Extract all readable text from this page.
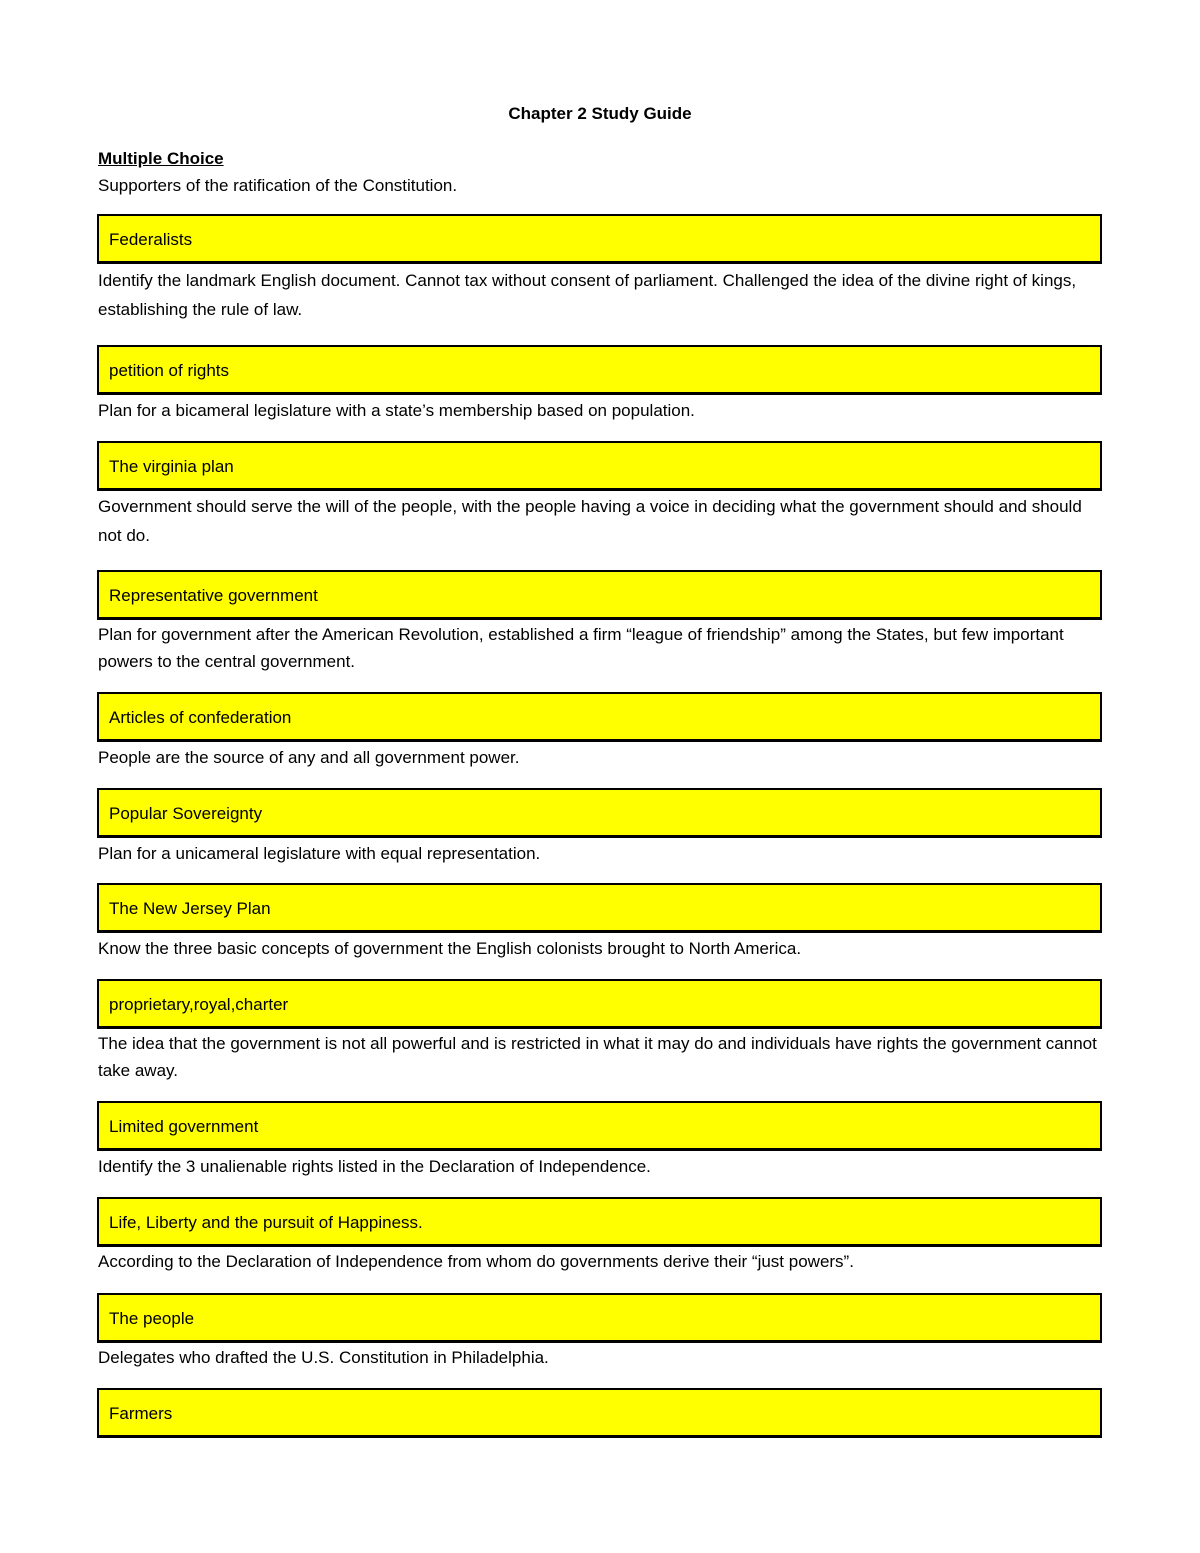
Chapter 2 Study Guide
Multiple Choice
Supporters of the ratification of the Constitution.
Federalists
Identify the landmark English document. Cannot tax without consent of parliament. Challenged the idea of the divine right of kings, establishing the rule of law.
petition of rights
Plan for a bicameral legislature with a state’s membership based on population.
The virginia plan
Government should serve the will of the people, with the people having a voice in deciding what the government should and should not do.
Representative government
Plan for government after the American Revolution, established a firm “league of friendship” among the States, but few important powers to the central government.
Articles of confederation
People are the source of any and all government power.
Popular Sovereignty
Plan for a unicameral legislature with equal representation.
The New Jersey Plan
Know the three basic concepts of government the English colonists brought to North America.
proprietary,royal,charter
The idea that the government is not all powerful and is restricted in what it may do and individuals have rights the government cannot take away.
Limited government
Identify the 3 unalienable rights listed in the Declaration of Independence.
Life, Liberty and the pursuit of Happiness.
According to the Declaration of Independence from whom do governments derive their “just powers”.
The people
Delegates who drafted the U.S. Constitution in Philadelphia.
Farmers
